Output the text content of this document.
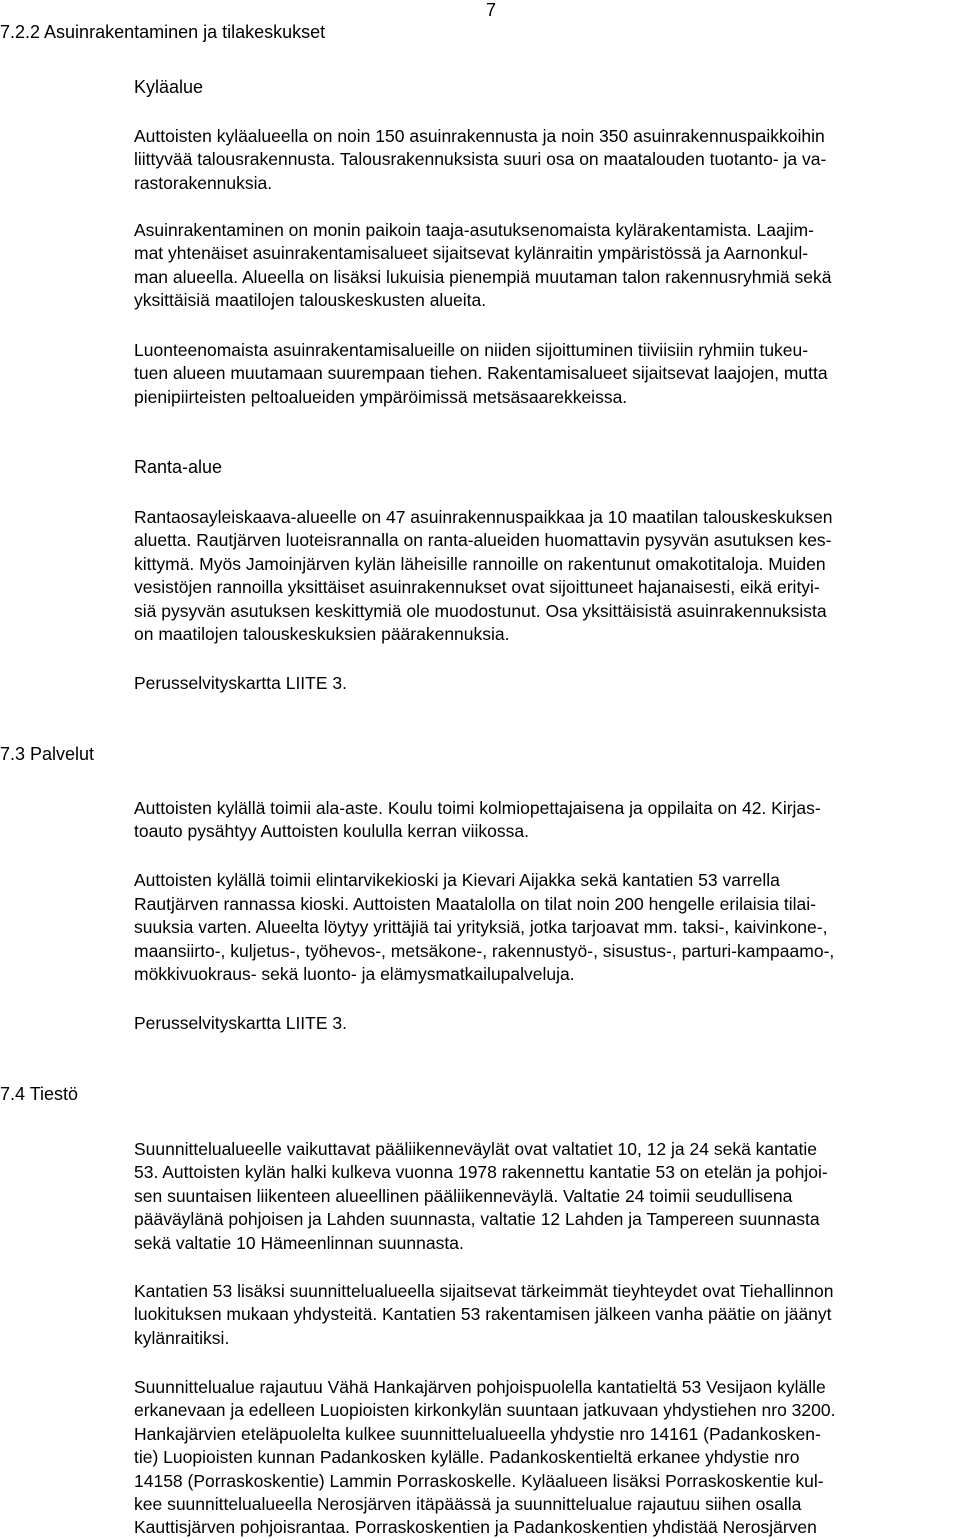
7
7.2.2 Asuinrakentaminen ja tilakeskukset
Kyläalue

Auttoisten kyläalueella on noin 150 asuinrakennusta ja noin 350 asuinrakennuspaikkoihin

liittyvää talousrakennusta. Talousrakennuksista suuri osa on maatalouden tuotanto- ja va-

rastorakennuksia.

Asuinrakentaminen on monin paikoin taaja-asutuksenomaista kylärakentamista. Laajim-

mat yhtenäiset asuinrakentamisalueet sijaitsevat kylänraitin ympäristössä ja Aarnonkul-

man alueella. Alueella on lisäksi lukuisia pienempiä muutaman talon rakennusryhmiä sekä

yksittäisiä maatilojen talouskeskusten alueita.

Luonteenomaista asuinrakentamisalueille on niiden sijoittuminen tiiviisiin ryhmiin tukeu-

tuen alueen muutamaan suurempaan tiehen. Rakentamisalueet sijaitsevat laajojen, mutta

pienipiirteisten peltoalueiden ympäröimissä metsäsaarekkeissa.

Ranta-alue

Rantaosayleiskaava-alueelle on 47 asuinrakennuspaikkaa ja 10 maatilan talouskeskuksen

aluetta. Rautjärven luoteisrannalla on ranta-alueiden huomattavin pysyvän asutuksen kes-

kittymä. Myös Jamoinjärven kylän läheisille rannoille on rakentunut omakotitaloja. Muiden

vesistöjen rannoilla yksittäiset asuinrakennukset ovat sijoittuneet hajanaisesti, eikä erityi-

siä pysyvän asutuksen keskittymiä ole muodostunut. Osa yksittäisistä asuinrakennuksista

on maatilojen talouskeskuksien päärakennuksia.

Perusselvityskartta LIITE 3.
7.3 Palvelut

Auttoisten kylällä toimii ala-aste. Koulu toimi kolmiopettajaisena ja oppilaita on 42. Kirjas-

toauto pysähtyy Auttoisten koululla kerran viikossa.

Auttoisten kylällä toimii elintarvikekioski ja Kievari Aijakka sekä kantatien 53 varrella

Rautjärven rannassa kioski. Auttoisten Maatalolla on tilat noin 200 hengelle erilaisia tilai-

suuksia varten. Alueelta löytyy yrittäjiä tai yrityksiä, jotka tarjoavat mm. taksi-, kaivinkone-,

maansiirto-, kuljetus-, työhevos-, metsäkone-, rakennustyö-, sisustus-, parturi-kampaamo-,

mökkivuokraus- sekä luonto- ja elämysmatkailupalveluja.

Perusselvityskartta LIITE 3.
7.4 Tiestö

Suunnittelualueelle vaikuttavat pääliikenneväylät ovat valtatiet 10, 12 ja 24 sekä kantatie

53. Auttoisten kylän halki kulkeva vuonna 1978 rakennettu kantatie 53 on etelän ja pohjoi-

sen suuntaisen liikenteen alueellinen pääliikenneväylä. Valtatie 24 toimii seudullisena

pääväylänä pohjoisen ja Lahden suunnasta, valtatie 12 Lahden ja Tampereen suunnasta

sekä valtatie 10 Hämeenlinnan suunnasta.

Kantatien 53 lisäksi suunnittelualueella sijaitsevat tärkeimmät tieyhteydet ovat Tiehallinnon

luokituksen mukaan yhdysteitä. Kantatien 53 rakentamisen jälkeen vanha päätie on jäänyt

kylänraitiksi.

Suunnittelualue rajautuu Vähä Hankajärven pohjoispuolella kantatieltä 53 Vesijaon kylälle

erkanevaan ja edelleen Luopioisten kirkonkylän suuntaan jatkuvaan yhdystiehen nro 3200.

Hankajärvien eteläpuolelta kulkee suunnittelualueella yhdystie nro 14161 (Padankosken-

tie) Luopioisten kunnan Padankosken kylälle. Padankoskentieltä erkanee yhdystie nro

14158 (Porraskoskentie) Lammin Porraskoskelle. Kyläalueen lisäksi Porraskoskentie kul-

kee suunnittelualueella Nerosjärven itäpäässä ja suunnittelualue rajautuu siihen osalla

Kauttisjärven pohjoisrantaa. Porraskoskentien ja Padankoskentien yhdistää Nerosjärven
